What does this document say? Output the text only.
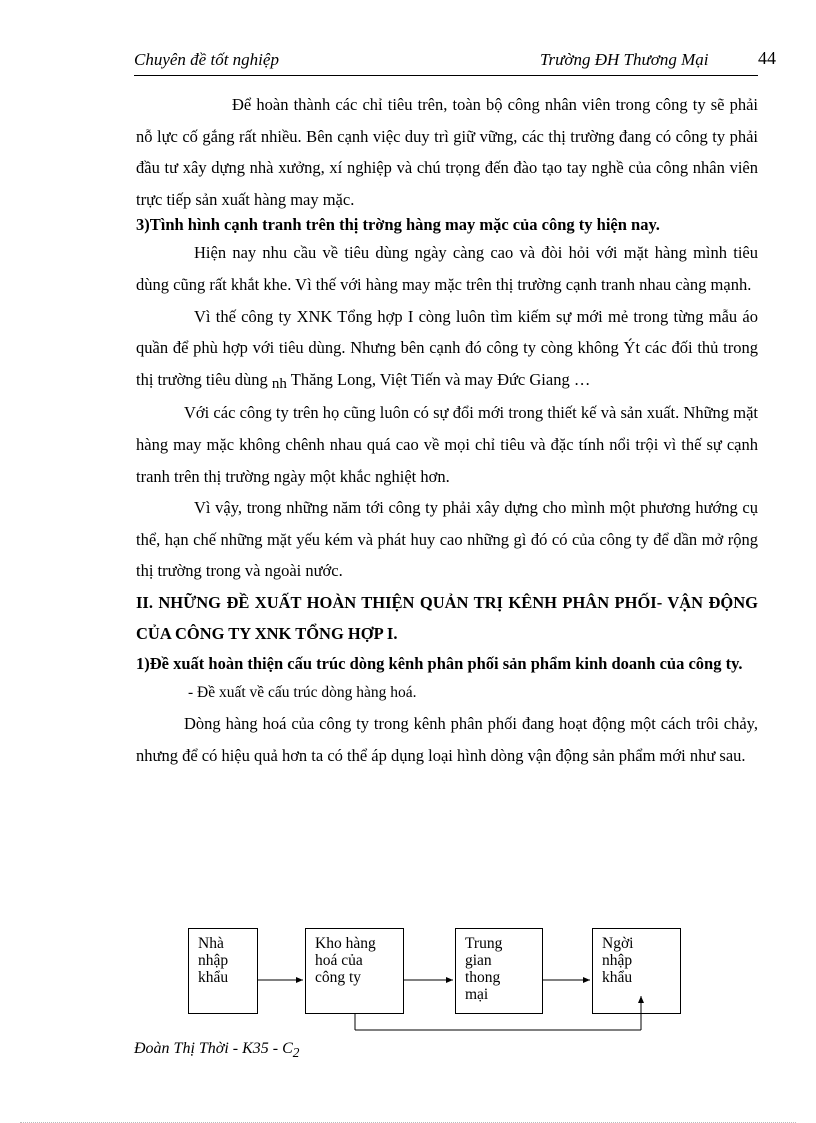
Chuyên đề tốt nghiệp	Trường ĐH Thương Mại	44

Để hoàn thành các chỉ tiêu trên, toàn bộ công nhân viên trong công ty sẽ phải nỗ lực cố gắng rất nhiều. Bên cạnh việc duy trì giữ vững, các thị trường đang có công ty phải đầu tư xây dựng nhà xưởng, xí nghiệp và chú trọng đến đào tạo tay nghề của công nhân viên trực tiếp sản xuất hàng may mặc.

3)Tình hình cạnh tranh trên thị trờng hàng may mặc của công ty hiện nay.

Hiện nay nhu cầu về tiêu dùng ngày càng cao và đòi hỏi với mặt hàng mình tiêu dùng cũng rất khắt khe. Vì thế với hàng may mặc trên thị trường cạnh tranh nhau càng mạnh.

Vì thế công ty XNK Tổng hợp I còng luôn tìm kiếm sự mới mẻ trong từng mẫu áo quần để phù hợp với tiêu dùng. Nhưng bên cạnh đó công ty còng không Ýt các đối thủ trong thị trường tiêu dùng nh Thăng Long, Việt Tiến và may Đức Giang …

Với các công ty trên họ cũng luôn có sự đổi mới trong thiết kế và sản xuất. Những mặt hàng may mặc không chênh nhau quá cao về mọi chỉ tiêu và đặc tính nổi trội vì thế sự cạnh tranh trên thị trường ngày một khắc nghiệt hơn.

Vì vậy, trong những năm tới công ty phải xây dựng cho mình một phương hướng cụ thể, hạn chế những mặt yếu kém và phát huy cao những gì đó có của công ty để dần mở rộng thị trường trong và ngoài nước.

II. NHỮNG ĐỀ XUẤT HOÀN THIỆN QUẢN TRỊ KÊNH PHÂN PHỐI- VẬN ĐỘNG CỦA CÔNG TY XNK TỔNG HỢP I.

1)Đề xuất hoàn thiện cấu trúc dòng kênh phân phối sản phẩm kinh doanh của công ty.

- Đề xuất về cấu trúc dòng hàng hoá.

Dòng hàng hoá của công ty trong kênh phân phối đang hoạt động một cách trôi chảy, nhưng để có hiệu quả hơn ta có thể áp dụng loại hình dòng vận động sản phẩm mới như sau.

Nhà
nhập
khẩu
Kho hàng
hoá của
công ty
Trung
gian
thong
mại
Ngời
nhập
khẩu
Đoàn Thị Thời - $K35 - C_2$
